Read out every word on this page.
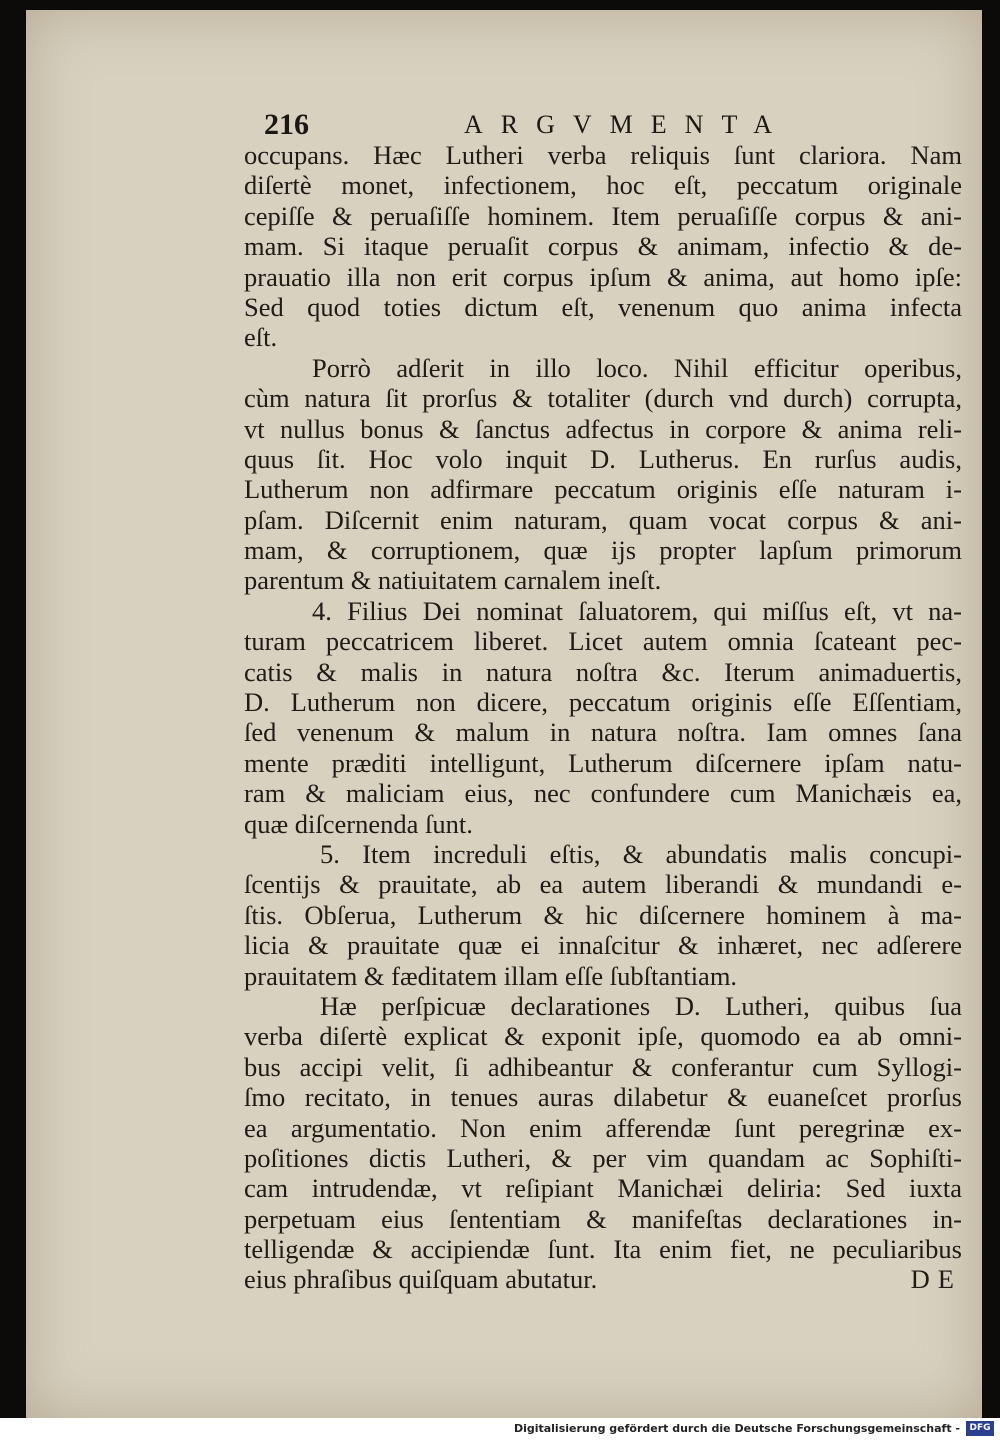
216	ARGVMENTA
occupans. Hæc Lutheri verba reliquis ſunt clariora. Nam
diſertè monet, infectionem, hoc eſt, peccatum originale
cepiſſe & peruaſiſſe hominem. Item peruaſiſſe corpus & ani-
mam. Si itaque peruaſit corpus & animam, infectio & de-
prauatio illa non erit corpus ipſum & anima, aut homo ipſe:
Sed quod toties dictum eſt, venenum quo anima infecta
eſt.
Porrò adſerit in illo loco. Nihil efficitur operibus,
cùm natura ſit prorſus & totaliter (durch vnd durch) corrupta,
vt nullus bonus & ſanctus adfectus in corpore & anima reli-
quus ſit. Hoc volo inquit D. Lutherus. En rurſus audis,
Lutherum non adfirmare peccatum originis eſſe naturam i-
pſam. Diſcernit enim naturam, quam vocat corpus & ani-
mam, & corruptionem, quæ ijs propter lapſum primorum
parentum & natiuitatem carnalem ineſt.
4. Filius Dei nominat ſaluatorem, qui miſſus eſt, vt na-
turam peccatricem liberet. Licet autem omnia ſcateant pec-
catis & malis in natura noſtra &c. Iterum animaduertis,
D. Lutherum non dicere, peccatum originis eſſe Eſſentiam,
ſed venenum & malum in natura noſtra. Iam omnes ſana
mente præditi intelligunt, Lutherum diſcernere ipſam natu-
ram & maliciam eius, nec confundere cum Manichæis ea,
quæ diſcernenda ſunt.
5. Item increduli eſtis, & abundatis malis concupi-
ſcentijs & prauitate, ab ea autem liberandi & mundandi e-
ſtis. Obſerua, Lutherum & hic diſcernere hominem à ma-
licia & prauitate quæ ei innaſcitur & inhæret, nec adſerere
prauitatem & fæditatem illam eſſe ſubſtantiam.
Hæ perſpicuæ declarationes D. Lutheri, quibus ſua
verba diſertè explicat & exponit ipſe, quomodo ea ab omni-
bus accipi velit, ſi adhibeantur & conferantur cum Syllogi-
ſmo recitato, in tenues auras dilabetur & euaneſcet prorſus
ea argumentatio. Non enim afferendæ ſunt peregrinæ ex-
poſitiones dictis Lutheri, & per vim quandam ac Sophiſti-
cam intrudendæ, vt reſipiant Manichæi deliria: Sed iuxta
perpetuam eius ſententiam & manifeſtas declarationes in-
telligendæ & accipiendæ ſunt. Ita enim fiet, ne peculiaribus
eius phraſibus quiſquam abutatur.	DE
Digitalisierung gefördert durch die Deutsche Forschungsgemeinschaft -	DFG
